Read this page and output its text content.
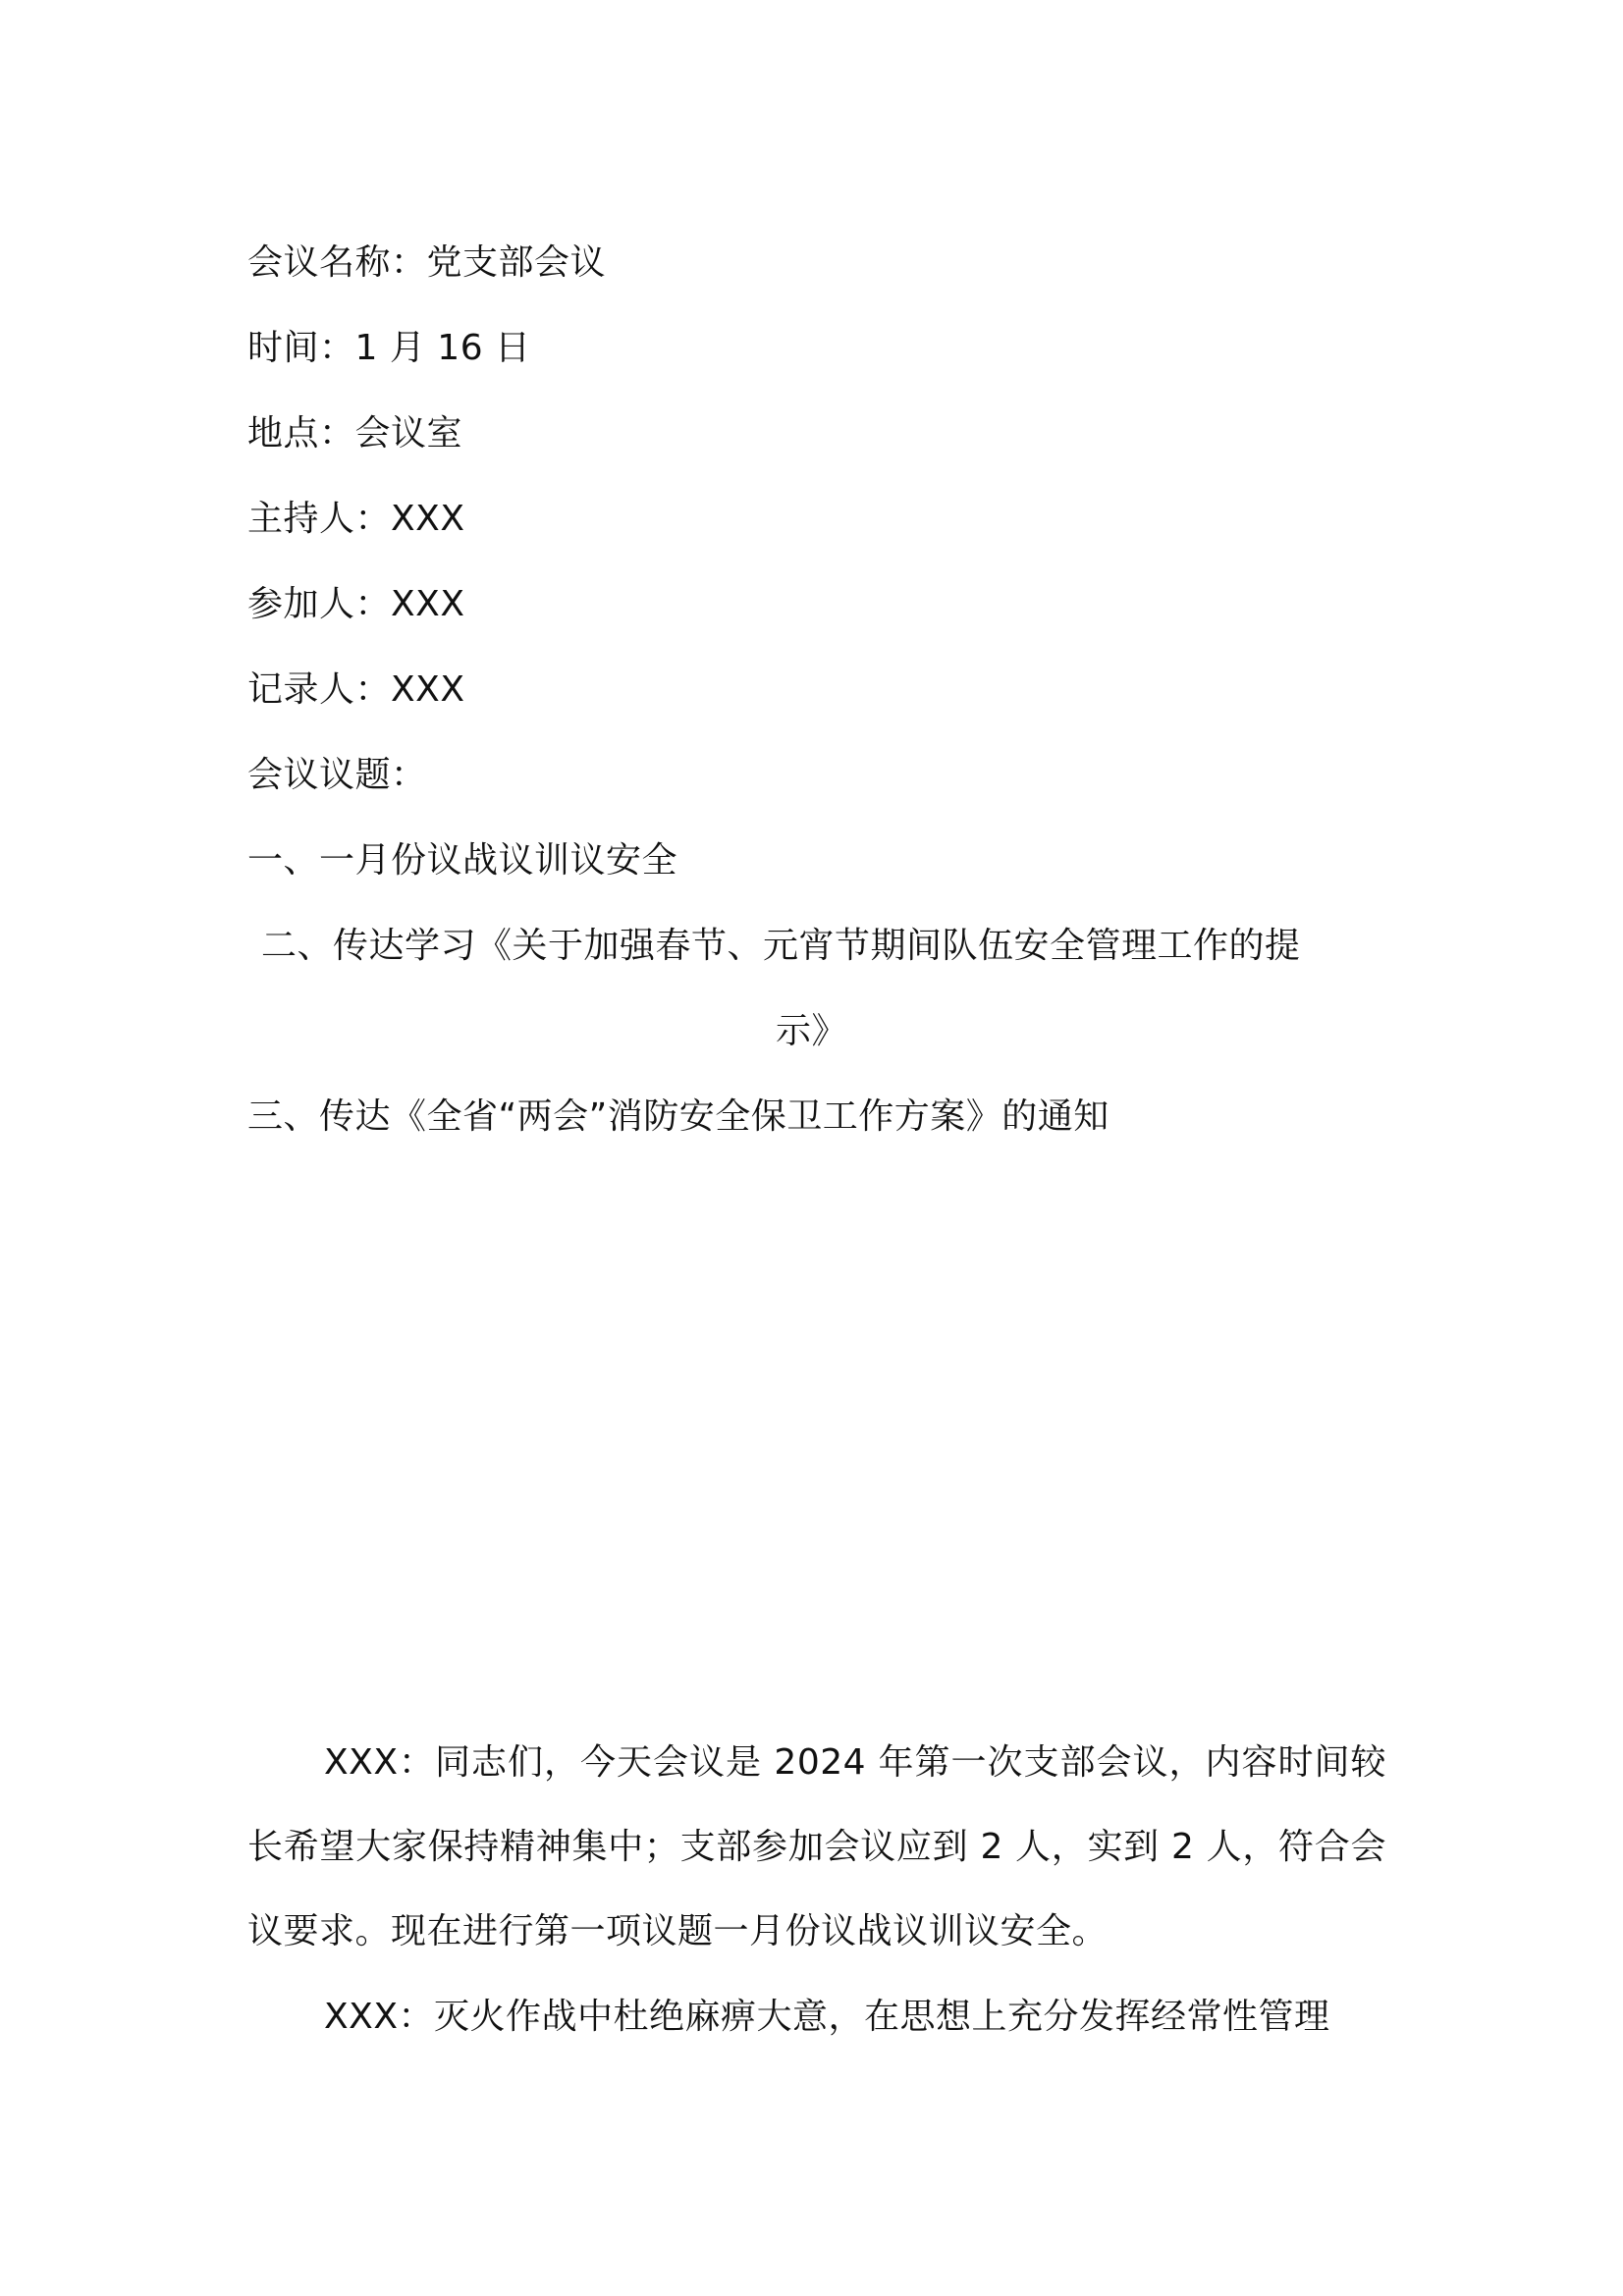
会议名称：党支部会议
时间：1 月 16 日
地点：会议室
主持人：XXX
参加人：XXX
记录人：XXX
会议议题：
一、一月份议战议训议安全
二、传达学习《关于加强春节、元宵节期间队伍安全管理工作的提
示》
三、传达《全省“两会”消防安全保卫工作方案》的通知
XXX：同志们，今天会议是 2024 年第一次支部会议，内容时间较长希望大家保持精神集中；支部参加会议应到 2 人，实到 2 人，符合会议要求。现在进行第一项议题一月份议战议训议安全。
XXX：灭火作战中杜绝麻痹大意，在思想上充分发挥经常性管理
